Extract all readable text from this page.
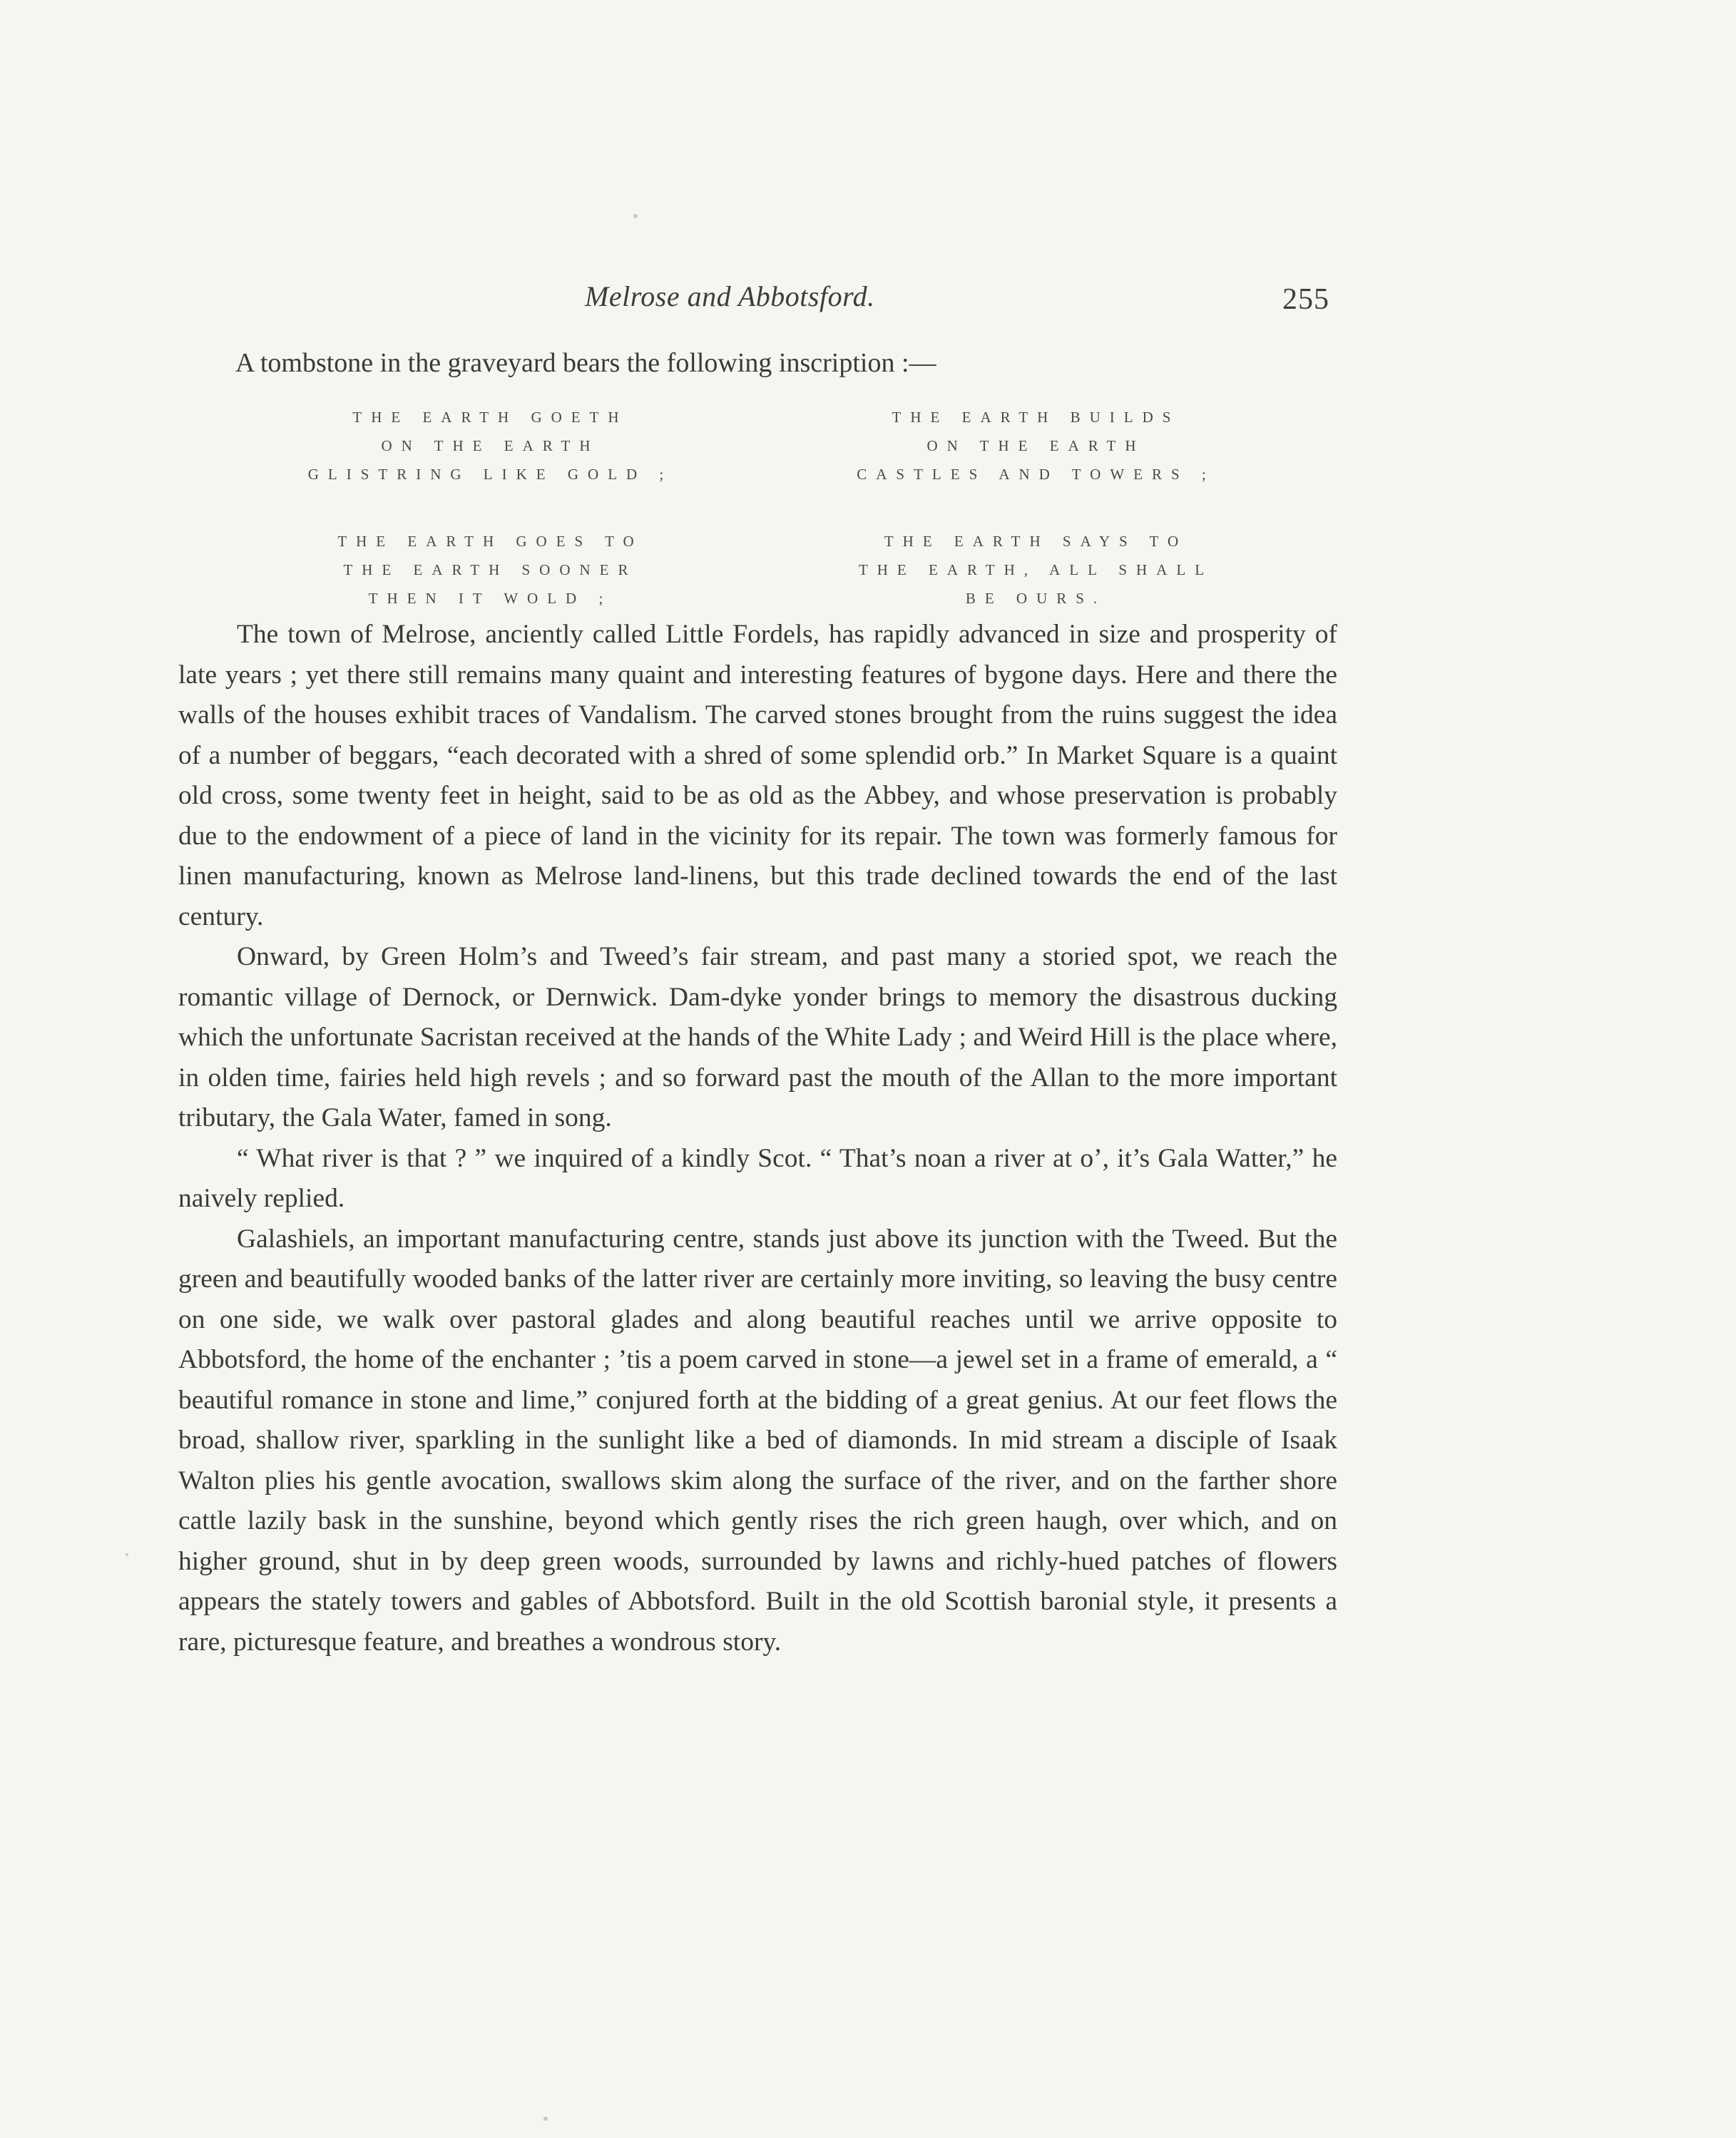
Melrose and Abbotsford.	255
A tombstone in the graveyard bears the following inscription :—
THE EARTH GOETH
ON THE EARTH
GLISTRING LIKE GOLD ;
THE EARTH BUILDS
ON THE EARTH
CASTLES AND TOWERS ;
THE EARTH GOES TO
THE EARTH SOONER
THEN IT WOLD ;
THE EARTH SAYS TO
THE EARTH, ALL SHALL
BE OURS.

The town of Melrose, anciently called Little Fordels, has rapidly advanced in size and prosperity of late years ; yet there still remains many quaint and interesting features of bygone days. Here and there the walls of the houses exhibit traces of Vandalism. The carved stones brought from the ruins suggest the idea of a number of beggars, “each decorated with a shred of some splendid orb.” In Market Square is a quaint old cross, some twenty feet in height, said to be as old as the Abbey, and whose preservation is probably due to the endowment of a piece of land in the vicinity for its repair. The town was formerly famous for linen manufacturing, known as Melrose land-linens, but this trade declined towards the end of the last century.

Onward, by Green Holm’s and Tweed’s fair stream, and past many a storied spot, we reach the romantic village of Dernock, or Dernwick. Dam-dyke yonder brings to memory the disastrous ducking which the unfortunate Sacristan received at the hands of the White Lady ; and Weird Hill is the place where, in olden time, fairies held high revels ; and so forward past the mouth of the Allan to the more important tributary, the Gala Water, famed in song.

“ What river is that ? ” we inquired of a kindly Scot. “ That’s noan a river at o’, it’s Gala Watter,” he naively replied.

Galashiels, an important manufacturing centre, stands just above its junction with the Tweed. But the green and beautifully wooded banks of the latter river are certainly more inviting, so leaving the busy centre on one side, we walk over pastoral glades and along beautiful reaches until we arrive opposite to Abbotsford, the home of the enchanter ; ’tis a poem carved in stone—a jewel set in a frame of emerald, a “ beautiful romance in stone and lime,” conjured forth at the bidding of a great genius. At our feet flows the broad, shallow river, sparkling in the sunlight like a bed of diamonds. In mid stream a disciple of Isaak Walton plies his gentle avocation, swallows skim along the surface of the river, and on the farther shore cattle lazily bask in the sunshine, beyond which gently rises the rich green haugh, over which, and on higher ground, shut in by deep green woods, surrounded by lawns and richly-hued patches of flowers appears the stately towers and gables of Abbotsford. Built in the old Scottish baronial style, it presents a rare, picturesque feature, and breathes a wondrous story.
